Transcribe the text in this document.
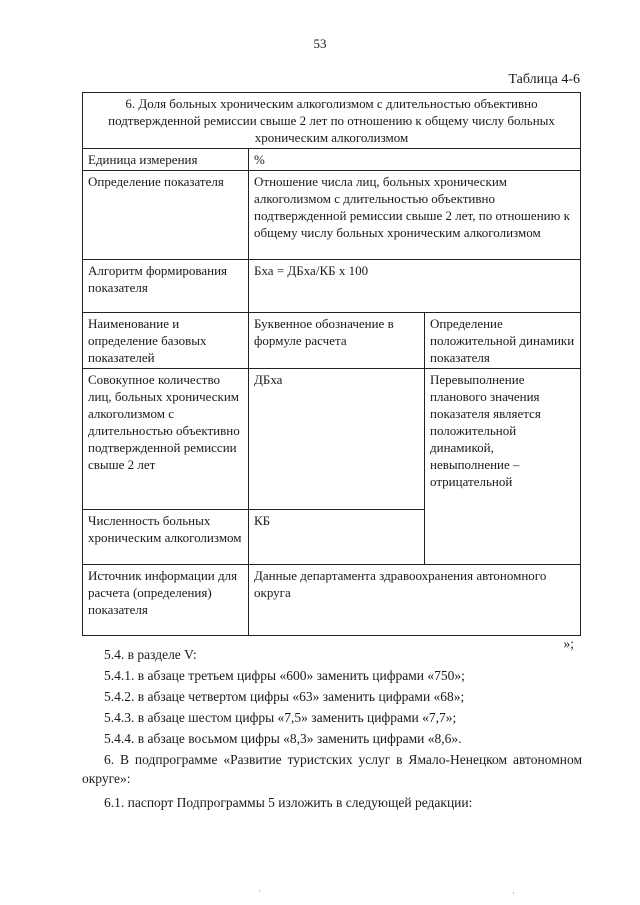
53
Таблица 4-6
6. Доля больных хроническим алкоголизмом с длительностью объективно подтвержденной ремиссии свыше 2 лет по отношению к общему числу больных хроническим алкоголизмом		
Единица измерения	%	
Определение показателя	Отношение числа лиц, больных хроническим алкоголизмом с длительностью объективно подтвержденной ремиссии свыше 2 лет, по отношению к общему числу больных хроническим алкоголизмом	
Алгоритм формирования показателя	Бха = ДБха/КБ х 100	
Наименование и определение базовых показателей	Буквенное обозначение в формуле расчета	Определение положительной динамики показателя
Совокупное количество лиц, больных хроническим алкоголизмом с длительностью объективно подтвержденной ремиссии свыше 2 лет	ДБха	Перевыполнение планового значения показателя является положительной динамикой, невыполнение – отрицательной
Численность больных хроническим алкоголизмом	КБ	
Источник информации для расчета (определения) показателя	Данные департамента здравоохранения автономного округа	
»;
5.4. в разделе V:
5.4.1. в абзаце третьем цифры «600» заменить цифрами «750»;
5.4.2. в абзаце четвертом цифры «63» заменить цифрами «68»;
5.4.3. в абзаце шестом цифры «7,5» заменить цифрами «7,7»;
5.4.4. в абзаце восьмом цифры «8,3» заменить цифрами «8,6».
6. В подпрограмме «Развитие туристских услуг в Ямало-Ненецком автономном округе»:
6.1. паспорт Подпрограммы 5 изложить в следующей редакции:
·	·
